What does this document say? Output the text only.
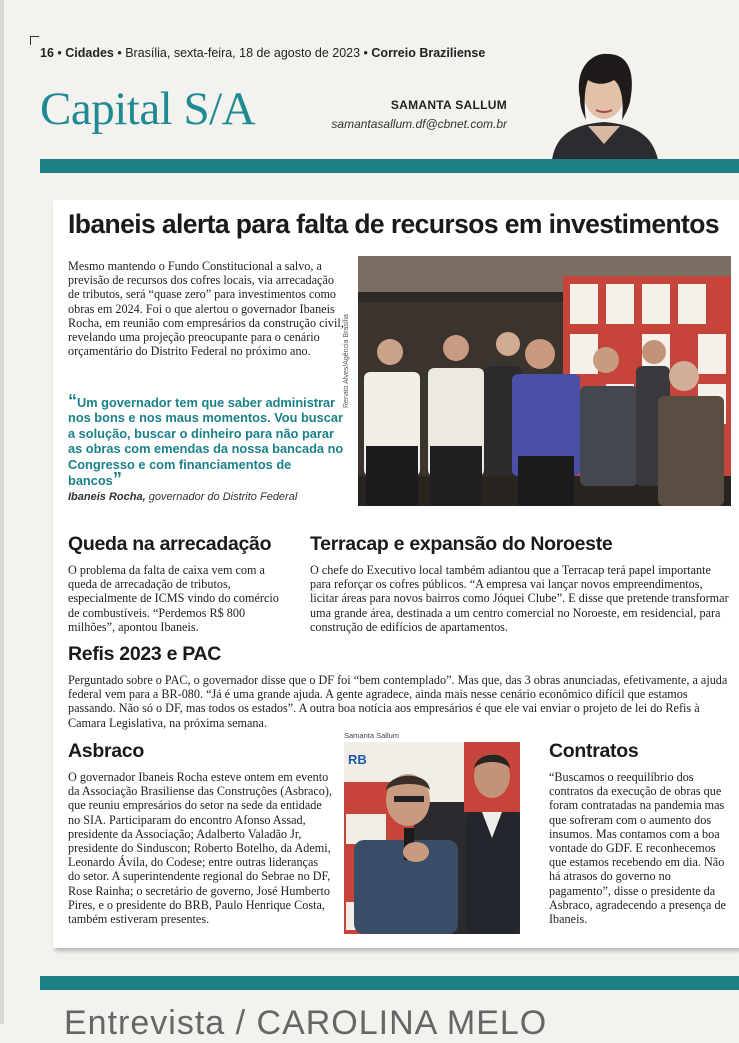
16 • Cidades • Brasília, sexta-feira, 18 de agosto de 2023 • Correio Braziliense
Capital S/A	SAMANTA SALLUM
samantasallum.df@cbnet.com.br
Ibaneis alerta para falta de recursos em investimentos
Mesmo mantendo o Fundo Constitucional a salvo, a previsão de recursos dos cofres locais, via arrecadação de tributos, será “quase zero” para investimentos como obras em 2024. Foi o que alertou o governador Ibaneis Rocha, em reunião com empresários da construção civil, revelando uma projeção preocupante para o cenário orçamentário do Distrito Federal no próximo ano.
“Um governador tem que saber administrar nos bons e nos maus momentos. Vou buscar a solução, buscar o dinheiro para não parar as obras com emendas da nossa bancada no Congresso e com financiamentos de bancos”
Ibaneis Rocha, governador do Distrito Federal
Renato Alves/Agência Brasília
Queda na arrecadação
O problema da falta de caixa vem com a queda de arrecadação de tributos, especialmente de ICMS vindo do comércio de combustíveis. “Perdemos R$ 800 milhões”, apontou Ibaneis.
Terracap e expansão do Noroeste
O chefe do Executivo local também adiantou que a Terracap terá papel importante para reforçar os cofres públicos. “A empresa vai lançar novos empreendimentos, licitar áreas para novos bairros como Jóquei Clube”. E disse que pretende transformar uma grande área, destinada a um centro comercial no Noroeste, em residencial, para construção de edifícios de apartamentos.
Refis 2023 e PAC
Perguntado sobre o PAC, o governador disse que o DF foi “bem contemplado”. Mas que, das 3 obras anunciadas, efetivamente, a ajuda federal vem para a BR-080. “Já é uma grande ajuda. A gente agradece, ainda mais nesse cenário econômico difícil que estamos passando. Não só o DF, mas todos os estados”. A outra boa notícia aos empresários é que ele vai enviar o projeto de lei do Refis à Camara Legislativa, na próxima semana.
Asbraco
O governador Ibaneis Rocha esteve ontem em evento da Associação Brasiliense das Construções (Asbraco), que reuniu empresários do setor na sede da entidade no SIA. Participaram do encontro Afonso Assad, presidente da Associação; Adalberto Valadão Jr, presidente do Sinduscon; Roberto Botelho, da Ademi, Leonardo Ávila, do Codese; entre outras lideranças do setor. A superintendente regional do Sebrae no DF, Rose Rainha; o secretário de governo, José Humberto Pires, e o presidente do BRB, Paulo Henrique Costa, também estiveram presentes.
Samanta Sallum
RB	Contratos
“Buscamos o reequilíbrio dos contratos da execução de obras que foram contratadas na pandemia mas que sofreram com o aumento dos insumos. Mas contamos com a boa vontade do GDF. E reconhecemos que estamos recebendo em dia. Não há atrasos do governo no pagamento”, disse o presidente da Asbraco, agradecendo a presença de Ibaneis.
Entrevista / CAROLINA MELO
